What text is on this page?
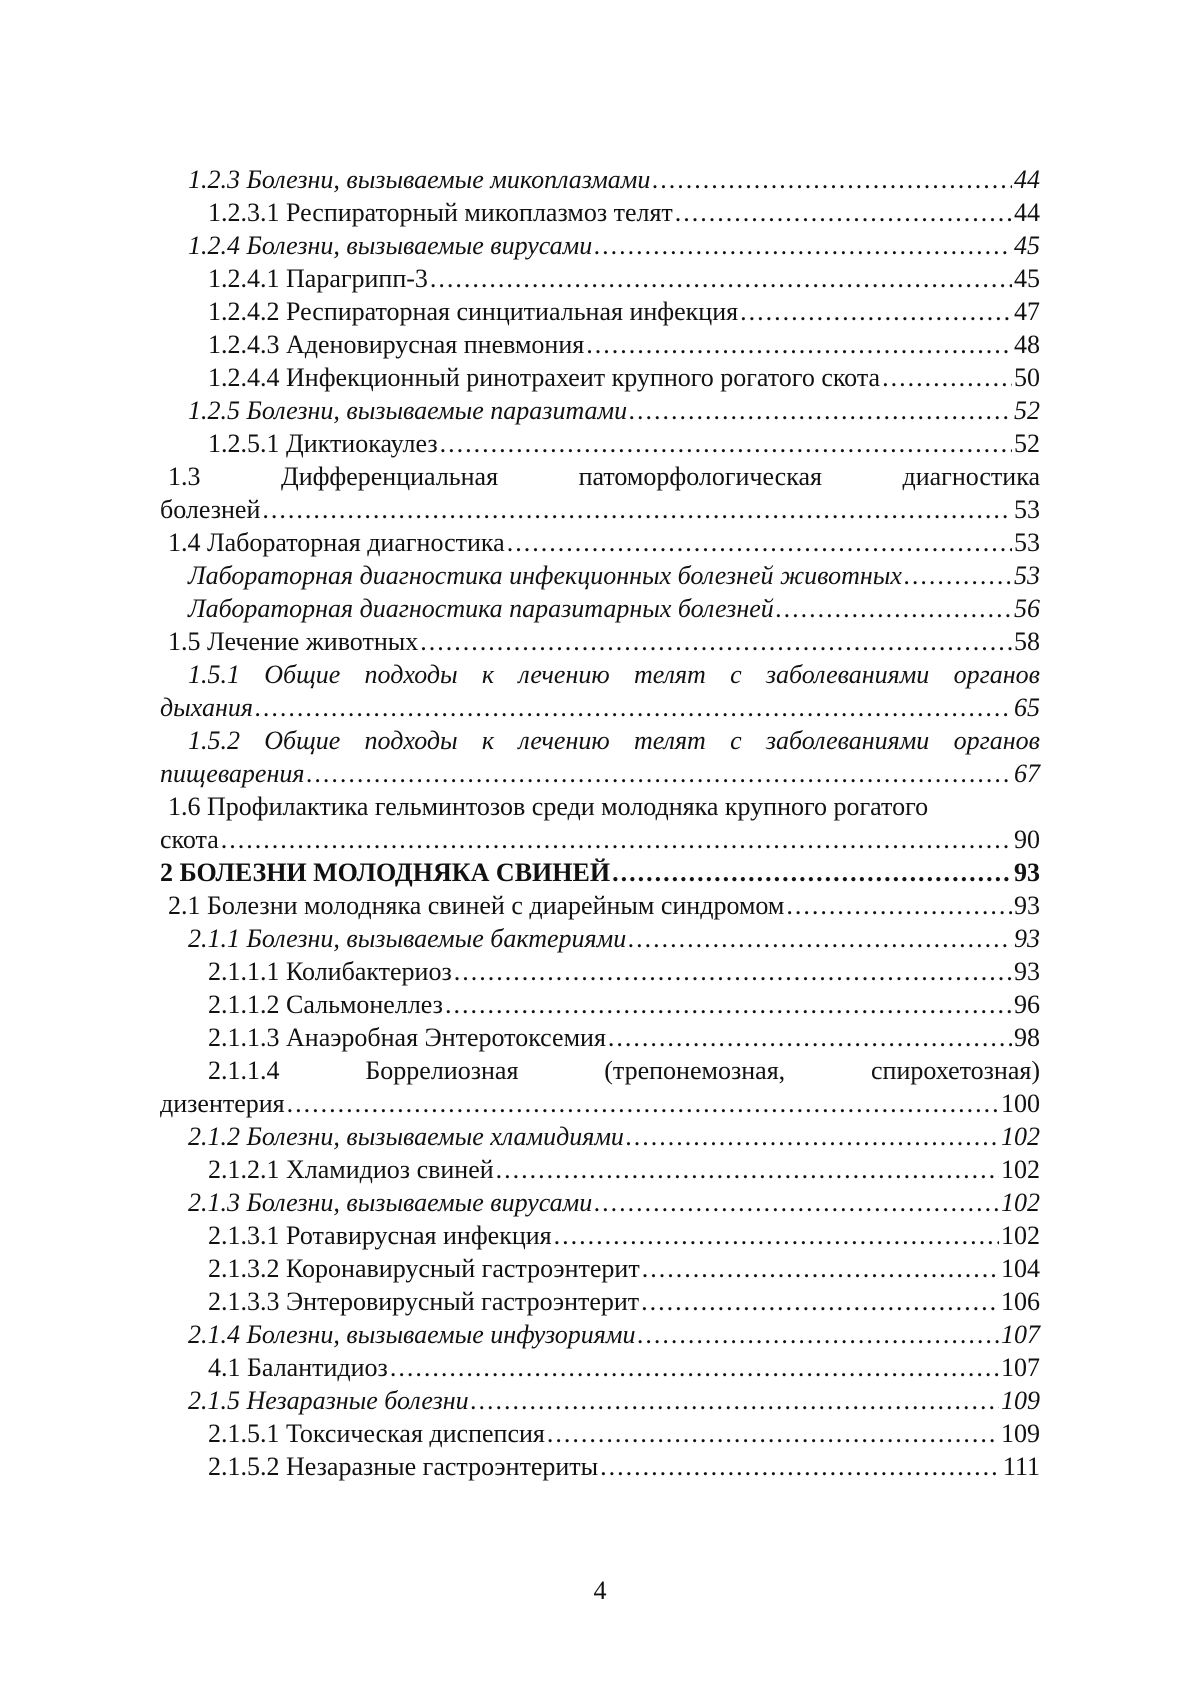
1.2.3 Болезни, вызываемые микоплазмами .....	44
1.2.3.1 Респираторный микоплазмоз телят .....	44
1.2.4 Болезни, вызываемые вирусами .....	45
1.2.4.1 Парагрипп-3 .....	45
1.2.4.2 Респираторная синцитиальная инфекция .....	47
1.2.4.3 Аденовирусная пневмония .....	48
1.2.4.4 Инфекционный ринотрахеит крупного рогатого скота .....	50
1.2.5 Болезни, вызываемые паразитами .....	52
1.2.5.1 Диктиокаулез .....	52
1.3	Дифференциальная	патоморфологическая	диагностика
болезней .....	53
1.4 Лабораторная диагностика .....	53
Лабораторная диагностика инфекционных болезней животных .....	53
Лабораторная диагностика паразитарных болезней .....	56
1.5 Лечение животных .....	58
1.5.1 Общие подходы к лечению телят с заболеваниями органов
дыхания .....	65
1.5.2 Общие подходы к лечению телят с заболеваниями органов
пищеварения .....	67
1.6 Профилактика гельминтозов среди молодняка крупного рогатого
скота .....	90
2 БОЛЕЗНИ МОЛОДНЯКА СВИНЕЙ .....	93
2.1 Болезни молодняка свиней с диарейным синдромом .....	93
2.1.1 Болезни, вызываемые бактериями .....	93
2.1.1.1 Колибактериоз .....	93
2.1.1.2 Сальмонеллез .....	96
2.1.1.3 Анаэробная Энтеротоксемия .....	98
2.1.1.4	Боррелиозная	(трепонемозная,	спирохетозная)
дизентерия .....	100
2.1.2 Болезни, вызываемые хламидиями .....	102
2.1.2.1 Хламидиоз свиней .....	102
2.1.3 Болезни, вызываемые вирусами .....	102
2.1.3.1 Ротавирусная инфекция .....	102
2.1.3.2 Коронавирусный гастроэнтерит .....	104
2.1.3.3 Энтеровирусный гастроэнтерит .....	106
2.1.4 Болезни, вызываемые инфузориями .....	107
4.1 Балантидиоз .....	107
2.1.5 Незаразные болезни .....	109
2.1.5.1 Токсическая диспепсия .....	109
2.1.5.2 Незаразные гастроэнтериты .....	111
4
